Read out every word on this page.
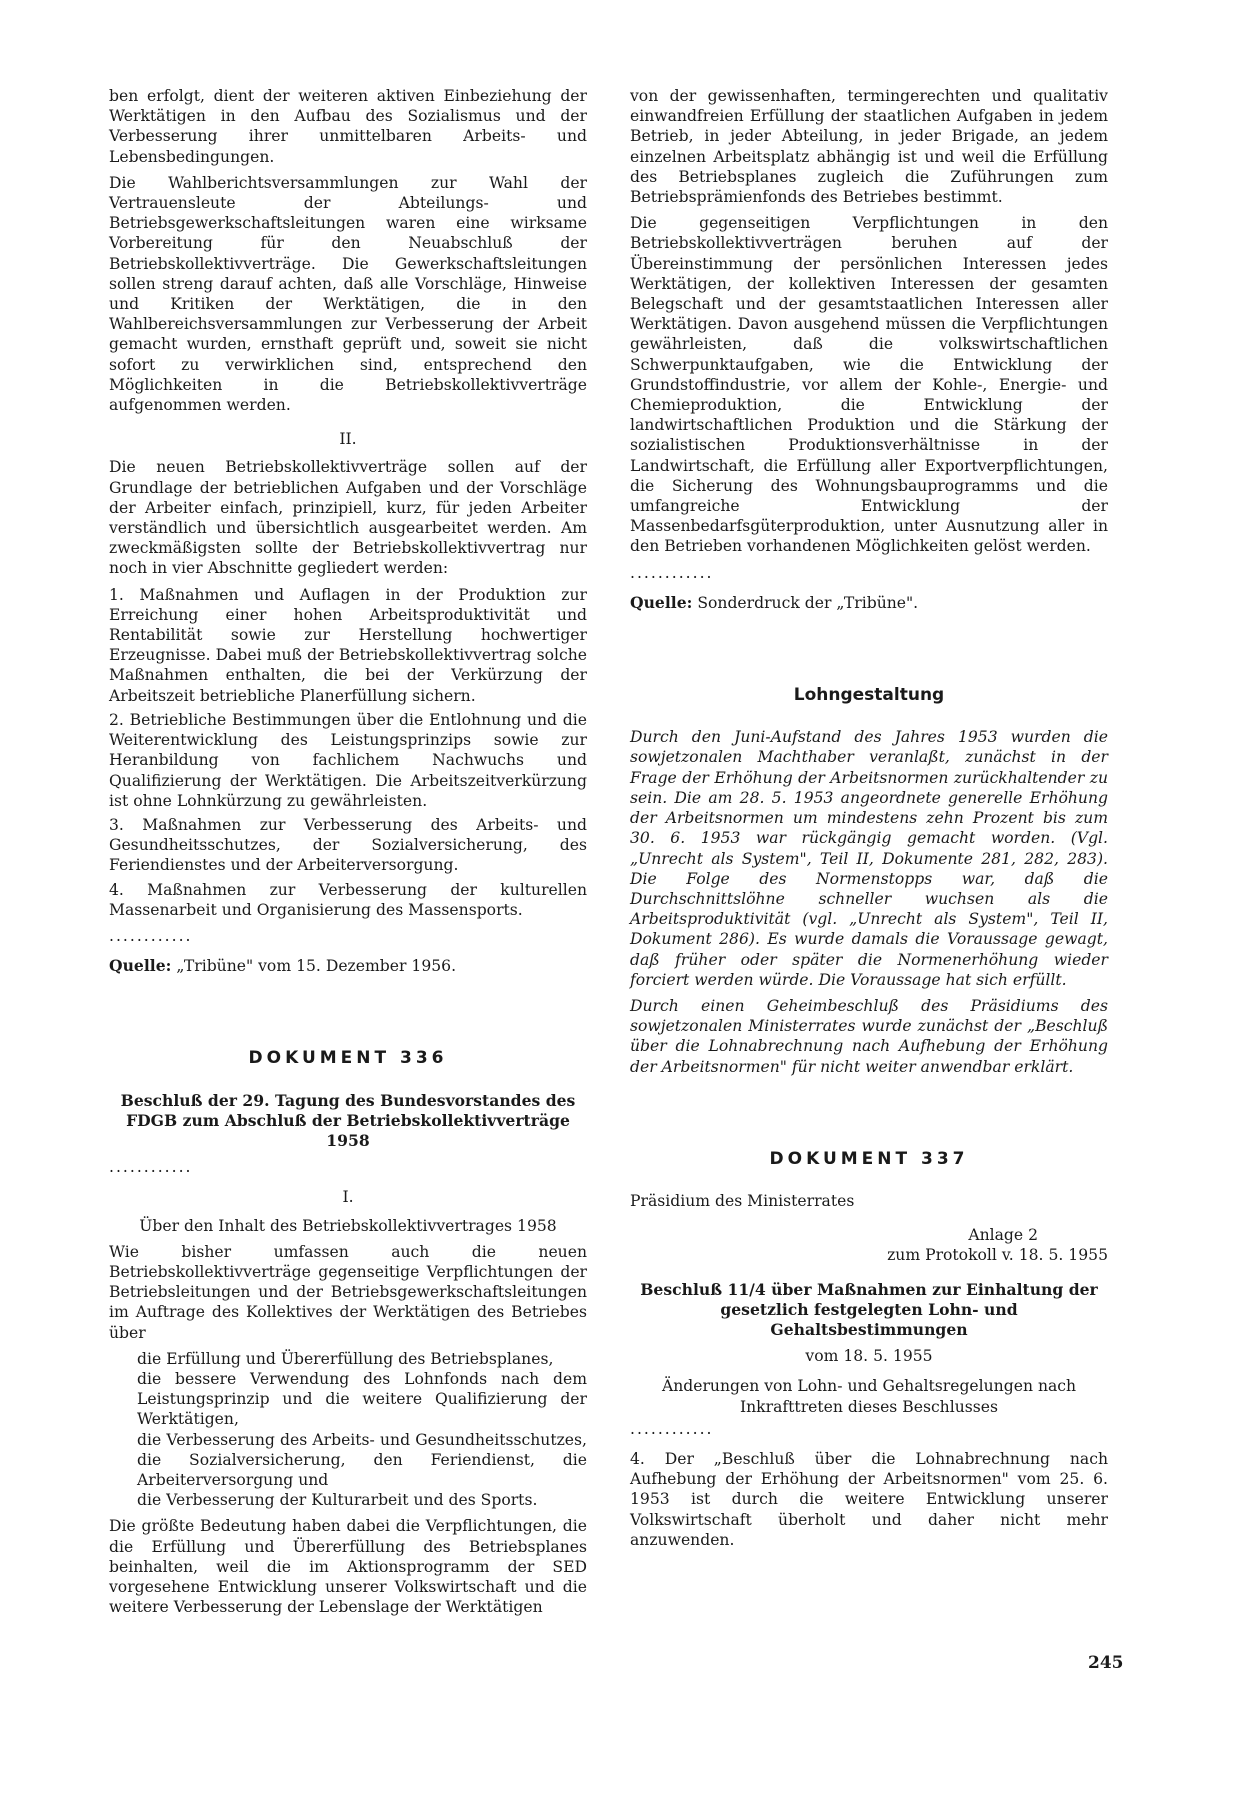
ben erfolgt, dient der weiteren aktiven Einbeziehung der Werktätigen in den Aufbau des Sozialismus und der Verbesserung ihrer unmittelbaren Arbeits- und Lebensbedingungen.

Die Wahlberichtsversammlungen zur Wahl der Vertrauensleute der Abteilungs- und Betriebsgewerkschaftsleitungen waren eine wirksame Vorbereitung für den Neuabschluß der Betriebskollektivverträge. Die Gewerkschaftsleitungen sollen streng darauf achten, daß alle Vorschläge, Hinweise und Kritiken der Werktätigen, die in den Wahlbereichsversammlungen zur Verbesserung der Arbeit gemacht wurden, ernsthaft geprüft und, soweit sie nicht sofort zu verwirklichen sind, entsprechend den Möglichkeiten in die Betriebskollektivverträge aufgenommen werden.

II.

Die neuen Betriebskollektivverträge sollen auf der Grundlage der betrieblichen Aufgaben und der Vorschläge der Arbeiter einfach, prinzipiell, kurz, für jeden Arbeiter verständlich und übersichtlich ausgearbeitet werden. Am zweckmäßigsten sollte der Betriebskollektivvertrag nur noch in vier Abschnitte gegliedert werden:

1. Maßnahmen und Auflagen in der Produktion zur Erreichung einer hohen Arbeitsproduktivität und Rentabilität sowie zur Herstellung hochwertiger Erzeugnisse. Dabei muß der Betriebskollektivvertrag solche Maßnahmen enthalten, die bei der Verkürzung der Arbeitszeit betriebliche Planerfüllung sichern.
2. Betriebliche Bestimmungen über die Entlohnung und die Weiterentwicklung des Leistungsprinzips sowie zur Heranbildung von fachlichem Nachwuchs und Qualifizierung der Werktätigen. Die Arbeitszeitverkürzung ist ohne Lohnkürzung zu gewährleisten.
3. Maßnahmen zur Verbesserung des Arbeits- und Gesundheitsschutzes, der Sozialversicherung, des Feriendienstes und der Arbeiterversorgung.
4. Maßnahmen zur Verbesserung der kulturellen Massenarbeit und Organisierung des Massensports.
............
Quelle: „Tribüne" vom 15. Dezember 1956.
DOKUMENT 336
Beschluß der 29. Tagung des Bundesvorstandes des FDGB zum Abschluß der Betriebskollektivverträge 1958
............
I.
Über den Inhalt des Betriebskollektivvertrages 1958

Wie bisher umfassen auch die neuen Betriebskollektivverträge gegenseitige Verpflichtungen der Betriebsleitungen und der Betriebsgewerkschaftsleitungen im Auftrage des Kollektives der Werktätigen des Betriebes über

die Erfüllung und Übererfüllung des Betriebsplanes,
die bessere Verwendung des Lohnfonds nach dem Leistungsprinzip und die weitere Qualifizierung der Werktätigen,
die Verbesserung des Arbeits- und Gesundheitsschutzes, die Sozialversicherung, den Feriendienst, die Arbeiterversorgung und
die Verbesserung der Kulturarbeit und des Sports.

Die größte Bedeutung haben dabei die Verpflichtungen, die die Erfüllung und Übererfüllung des Betriebsplanes beinhalten, weil die im Aktionsprogramm der SED vorgesehene Entwicklung unserer Volkswirtschaft und die weitere Verbesserung der Lebenslage der Werktätigen

von der gewissenhaften, termingerechten und qualitativ einwandfreien Erfüllung der staatlichen Aufgaben in jedem Betrieb, in jeder Abteilung, in jeder Brigade, an jedem einzelnen Arbeitsplatz abhängig ist und weil die Erfüllung des Betriebsplanes zugleich die Zuführungen zum Betriebsprämienfonds des Betriebes bestimmt.

Die gegenseitigen Verpflichtungen in den Betriebskollektivverträgen beruhen auf der Übereinstimmung der persönlichen Interessen jedes Werktätigen, der kollektiven Interessen der gesamten Belegschaft und der gesamtstaatlichen Interessen aller Werktätigen. Davon ausgehend müssen die Verpflichtungen gewährleisten, daß die volkswirtschaftlichen Schwerpunktaufgaben, wie die Entwicklung der Grundstoffindustrie, vor allem der Kohle-, Energie- und Chemieproduktion, die Entwicklung der landwirtschaftlichen Produktion und die Stärkung der sozialistischen Produktionsverhältnisse in der Landwirtschaft, die Erfüllung aller Exportverpflichtungen, die Sicherung des Wohnungsbauprogramms und die umfangreiche Entwicklung der Massenbedarfsgüterproduktion, unter Ausnutzung aller in den Betrieben vorhandenen Möglichkeiten gelöst werden.

............
Quelle: Sonderdruck der „Tribüne".
Lohngestaltung

Durch den Juni-Aufstand des Jahres 1953 wurden die sowjetzonalen Machthaber veranlaßt, zunächst in der Frage der Erhöhung der Arbeitsnormen zurückhaltender zu sein. Die am 28. 5. 1953 angeordnete generelle Erhöhung der Arbeitsnormen um mindestens zehn Prozent bis zum 30. 6. 1953 war rückgängig gemacht worden. (Vgl. „Unrecht als System", Teil II, Dokumente 281, 282, 283). Die Folge des Normenstopps war, daß die Durchschnittslöhne schneller wuchsen als die Arbeitsproduktivität (vgl. „Unrecht als System", Teil II, Dokument 286). Es wurde damals die Voraussage gewagt, daß früher oder später die Normenerhöhung wieder forciert werden würde. Die Voraussage hat sich erfüllt.

Durch einen Geheimbeschluß des Präsidiums des sowjetzonalen Ministerrates wurde zunächst der „Beschluß über die Lohnabrechnung nach Aufhebung der Erhöhung der Arbeitsnormen" für nicht weiter anwendbar erklärt.

DOKUMENT 337
Präsidium des Ministerrates
Anlage 2
zum Protokoll v. 18. 5. 1955
Beschluß 11/4 über Maßnahmen zur Einhaltung der gesetzlich festgelegten Lohn- und Gehaltsbestimmungen
vom 18. 5. 1955
Änderungen von Lohn- und Gehaltsregelungen nach Inkrafttreten dieses Beschlusses
............
4. Der „Beschluß über die Lohnabrechnung nach Aufhebung der Erhöhung der Arbeitsnormen" vom 25. 6. 1953 ist durch die weitere Entwicklung unserer Volkswirtschaft überholt und daher nicht mehr anzuwenden.
245
